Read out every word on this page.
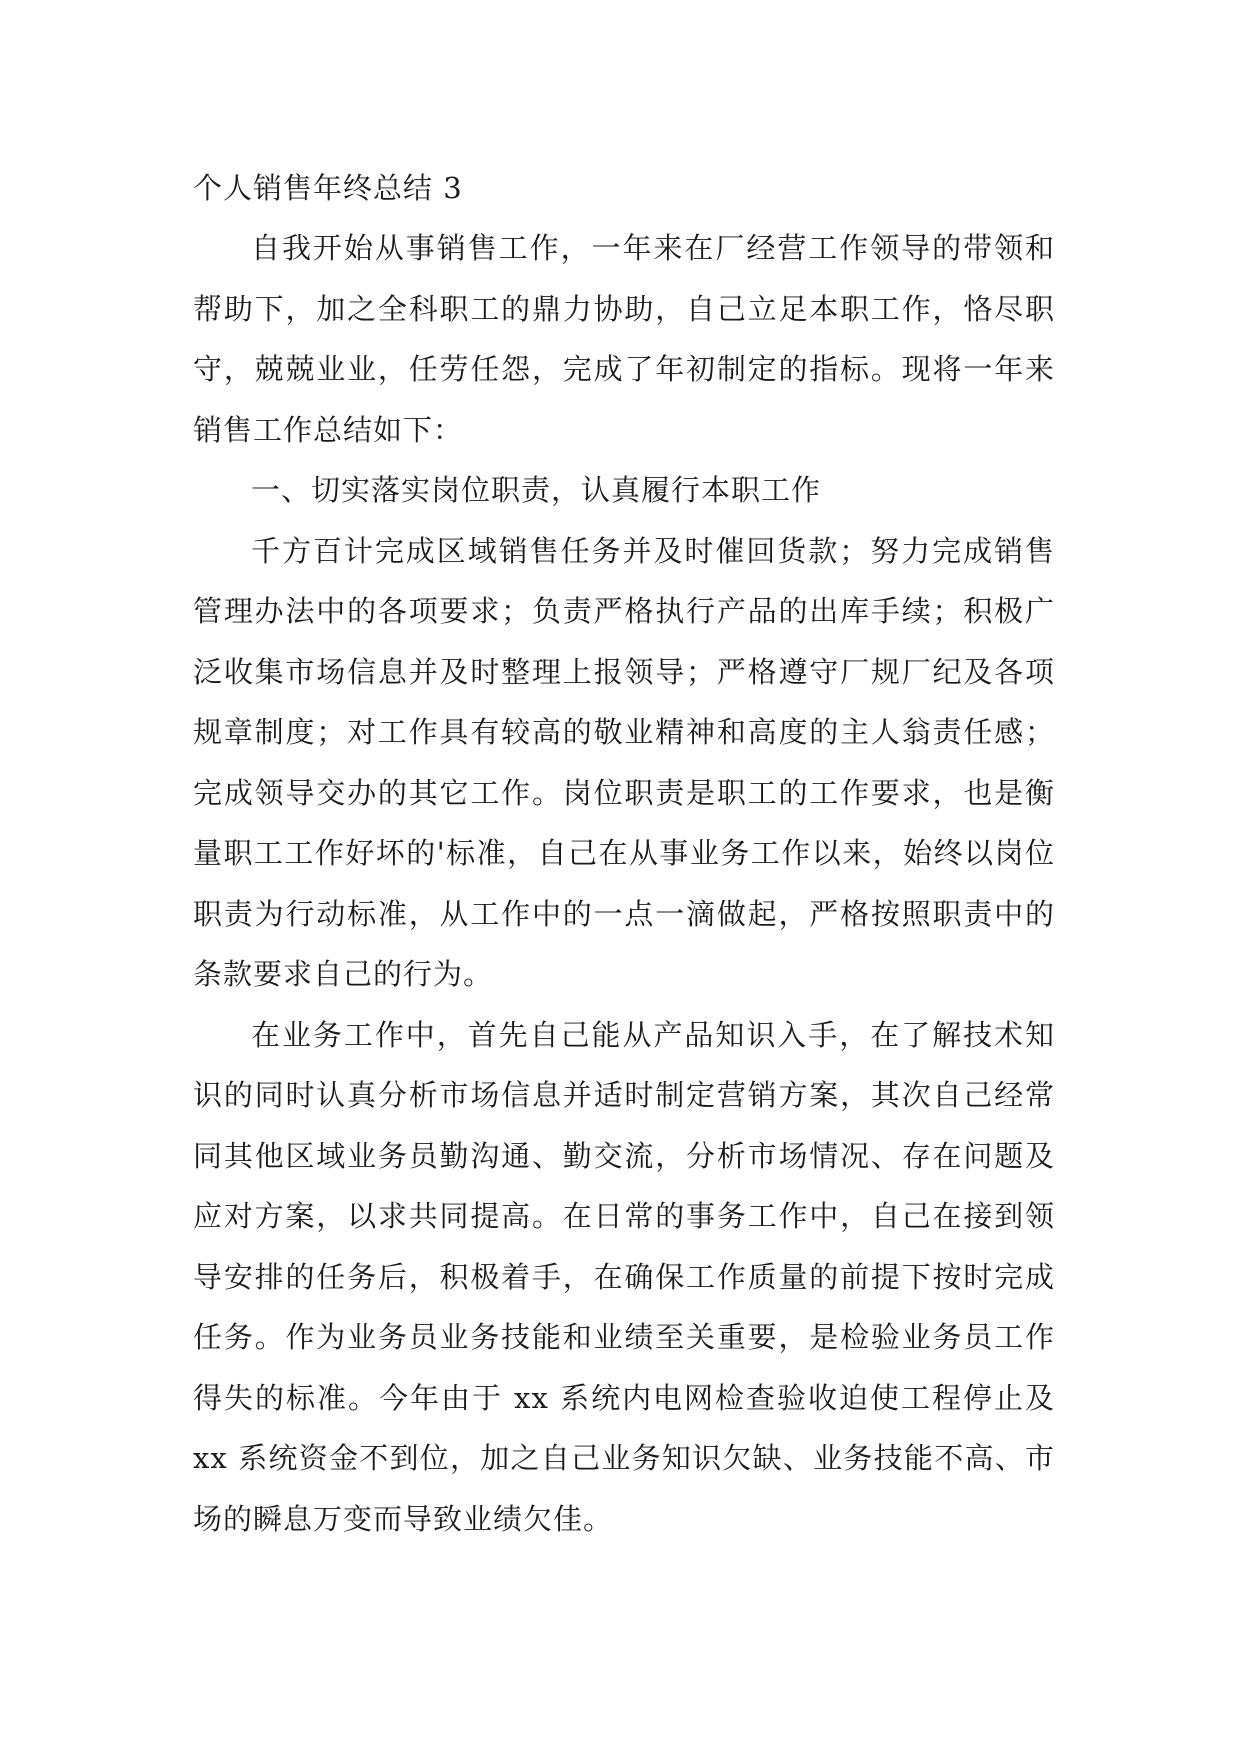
个人销售年终总结 3

自我开始从事销售工作，一年来在厂经营工作领导的带领和帮助下，加之全科职工的鼎力协助，自己立足本职工作，恪尽职守，兢兢业业，任劳任怨，完成了年初制定的指标。现将一年来销售工作总结如下：

一、切实落实岗位职责，认真履行本职工作

千方百计完成区域销售任务并及时催回货款；努力完成销售管理办法中的各项要求；负责严格执行产品的出库手续；积极广泛收集市场信息并及时整理上报领导；严格遵守厂规厂纪及各项规章制度；对工作具有较高的敬业精神和高度的主人翁责任感；完成领导交办的其它工作。岗位职责是职工的工作要求，也是衡量职工工作好坏的'标准，自己在从事业务工作以来，始终以岗位职责为行动标准，从工作中的一点一滴做起，严格按照职责中的条款要求自己的行为。

在业务工作中，首先自己能从产品知识入手，在了解技术知识的同时认真分析市场信息并适时制定营销方案，其次自己经常同其他区域业务员勤沟通、勤交流，分析市场情况、存在问题及应对方案，以求共同提高。在日常的事务工作中，自己在接到领导安排的任务后，积极着手，在确保工作质量的前提下按时完成任务。作为业务员业务技能和业绩至关重要，是检验业务员工作得失的标准。今年由于 xx 系统内电网检查验收迫使工程停止及 xx 系统资金不到位，加之自己业务知识欠缺、业务技能不高、市场的瞬息万变而导致业绩欠佳。
